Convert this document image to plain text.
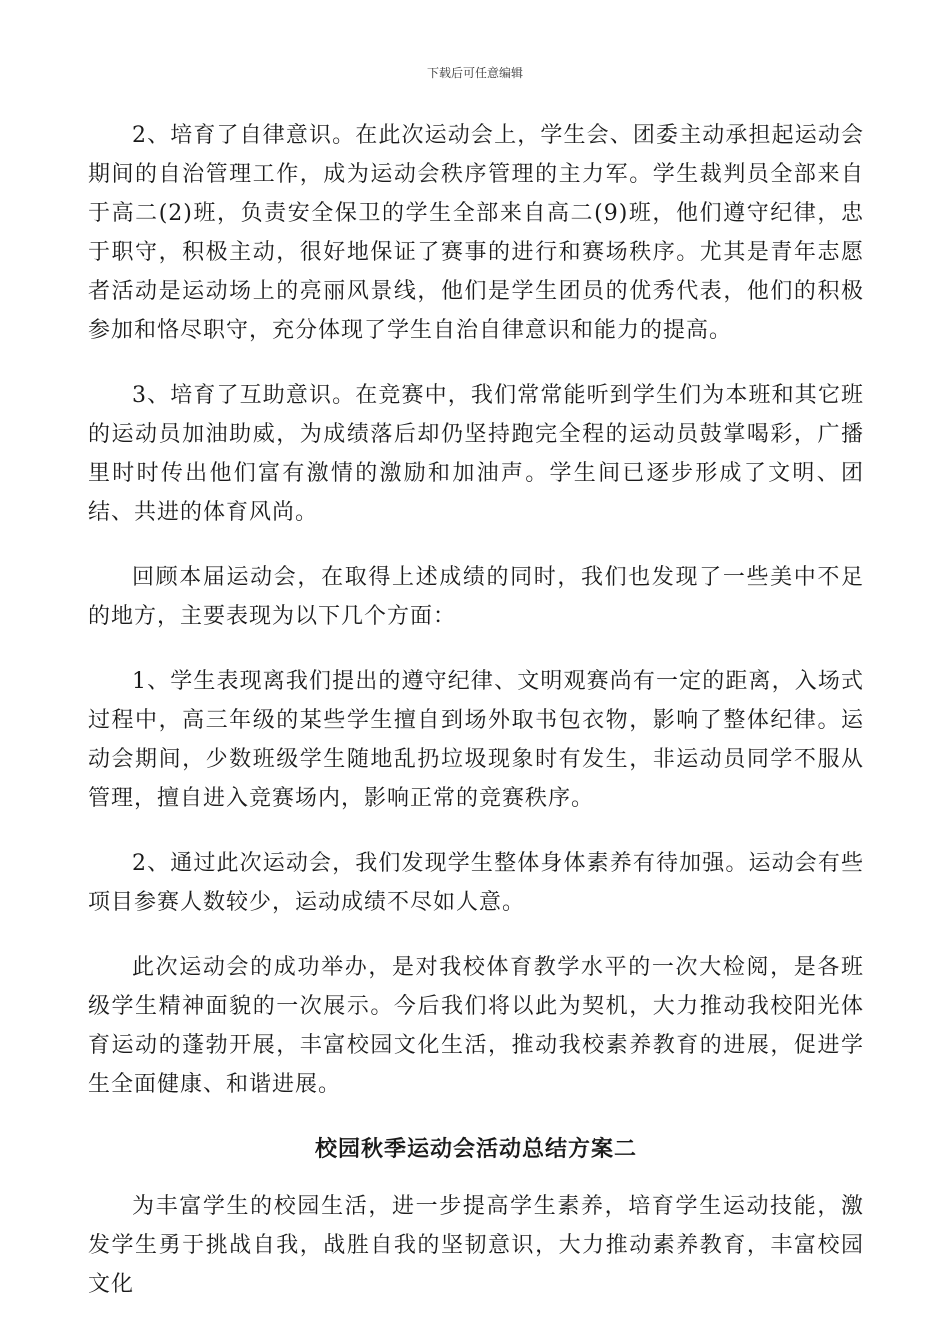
下载后可任意编辑

2、培育了自律意识。在此次运动会上，学生会、团委主动承担起运动会期间的自治管理工作，成为运动会秩序管理的主力军。学生裁判员全部来自于高二(2)班，负责安全保卫的学生全部来自高二(9)班，他们遵守纪律，忠于职守，积极主动，很好地保证了赛事的进行和赛场秩序。尤其是青年志愿者活动是运动场上的亮丽风景线，他们是学生团员的优秀代表，他们的积极参加和恪尽职守，充分体现了学生自治自律意识和能力的提高。

3、培育了互助意识。在竞赛中，我们常常能听到学生们为本班和其它班的运动员加油助威，为成绩落后却仍坚持跑完全程的运动员鼓掌喝彩，广播里时时传出他们富有激情的激励和加油声。学生间已逐步形成了文明、团结、共进的体育风尚。

回顾本届运动会，在取得上述成绩的同时，我们也发现了一些美中不足的地方，主要表现为以下几个方面：

1、学生表现离我们提出的遵守纪律、文明观赛尚有一定的距离，入场式过程中，高三年级的某些学生擅自到场外取书包衣物，影响了整体纪律。运动会期间，少数班级学生随地乱扔垃圾现象时有发生，非运动员同学不服从管理，擅自进入竞赛场内，影响正常的竞赛秩序。

2、通过此次运动会，我们发现学生整体身体素养有待加强。运动会有些项目参赛人数较少，运动成绩不尽如人意。

此次运动会的成功举办，是对我校体育教学水平的一次大检阅，是各班级学生精神面貌的一次展示。今后我们将以此为契机，大力推动我校阳光体育运动的蓬勃开展，丰富校园文化生活，推动我校素养教育的进展，促进学生全面健康、和谐进展。

校园秋季运动会活动总结方案二

为丰富学生的校园生活，进一步提高学生素养，培育学生运动技能，激发学生勇于挑战自我，战胜自我的坚韧意识，大力推动素养教育，丰富校园文化
